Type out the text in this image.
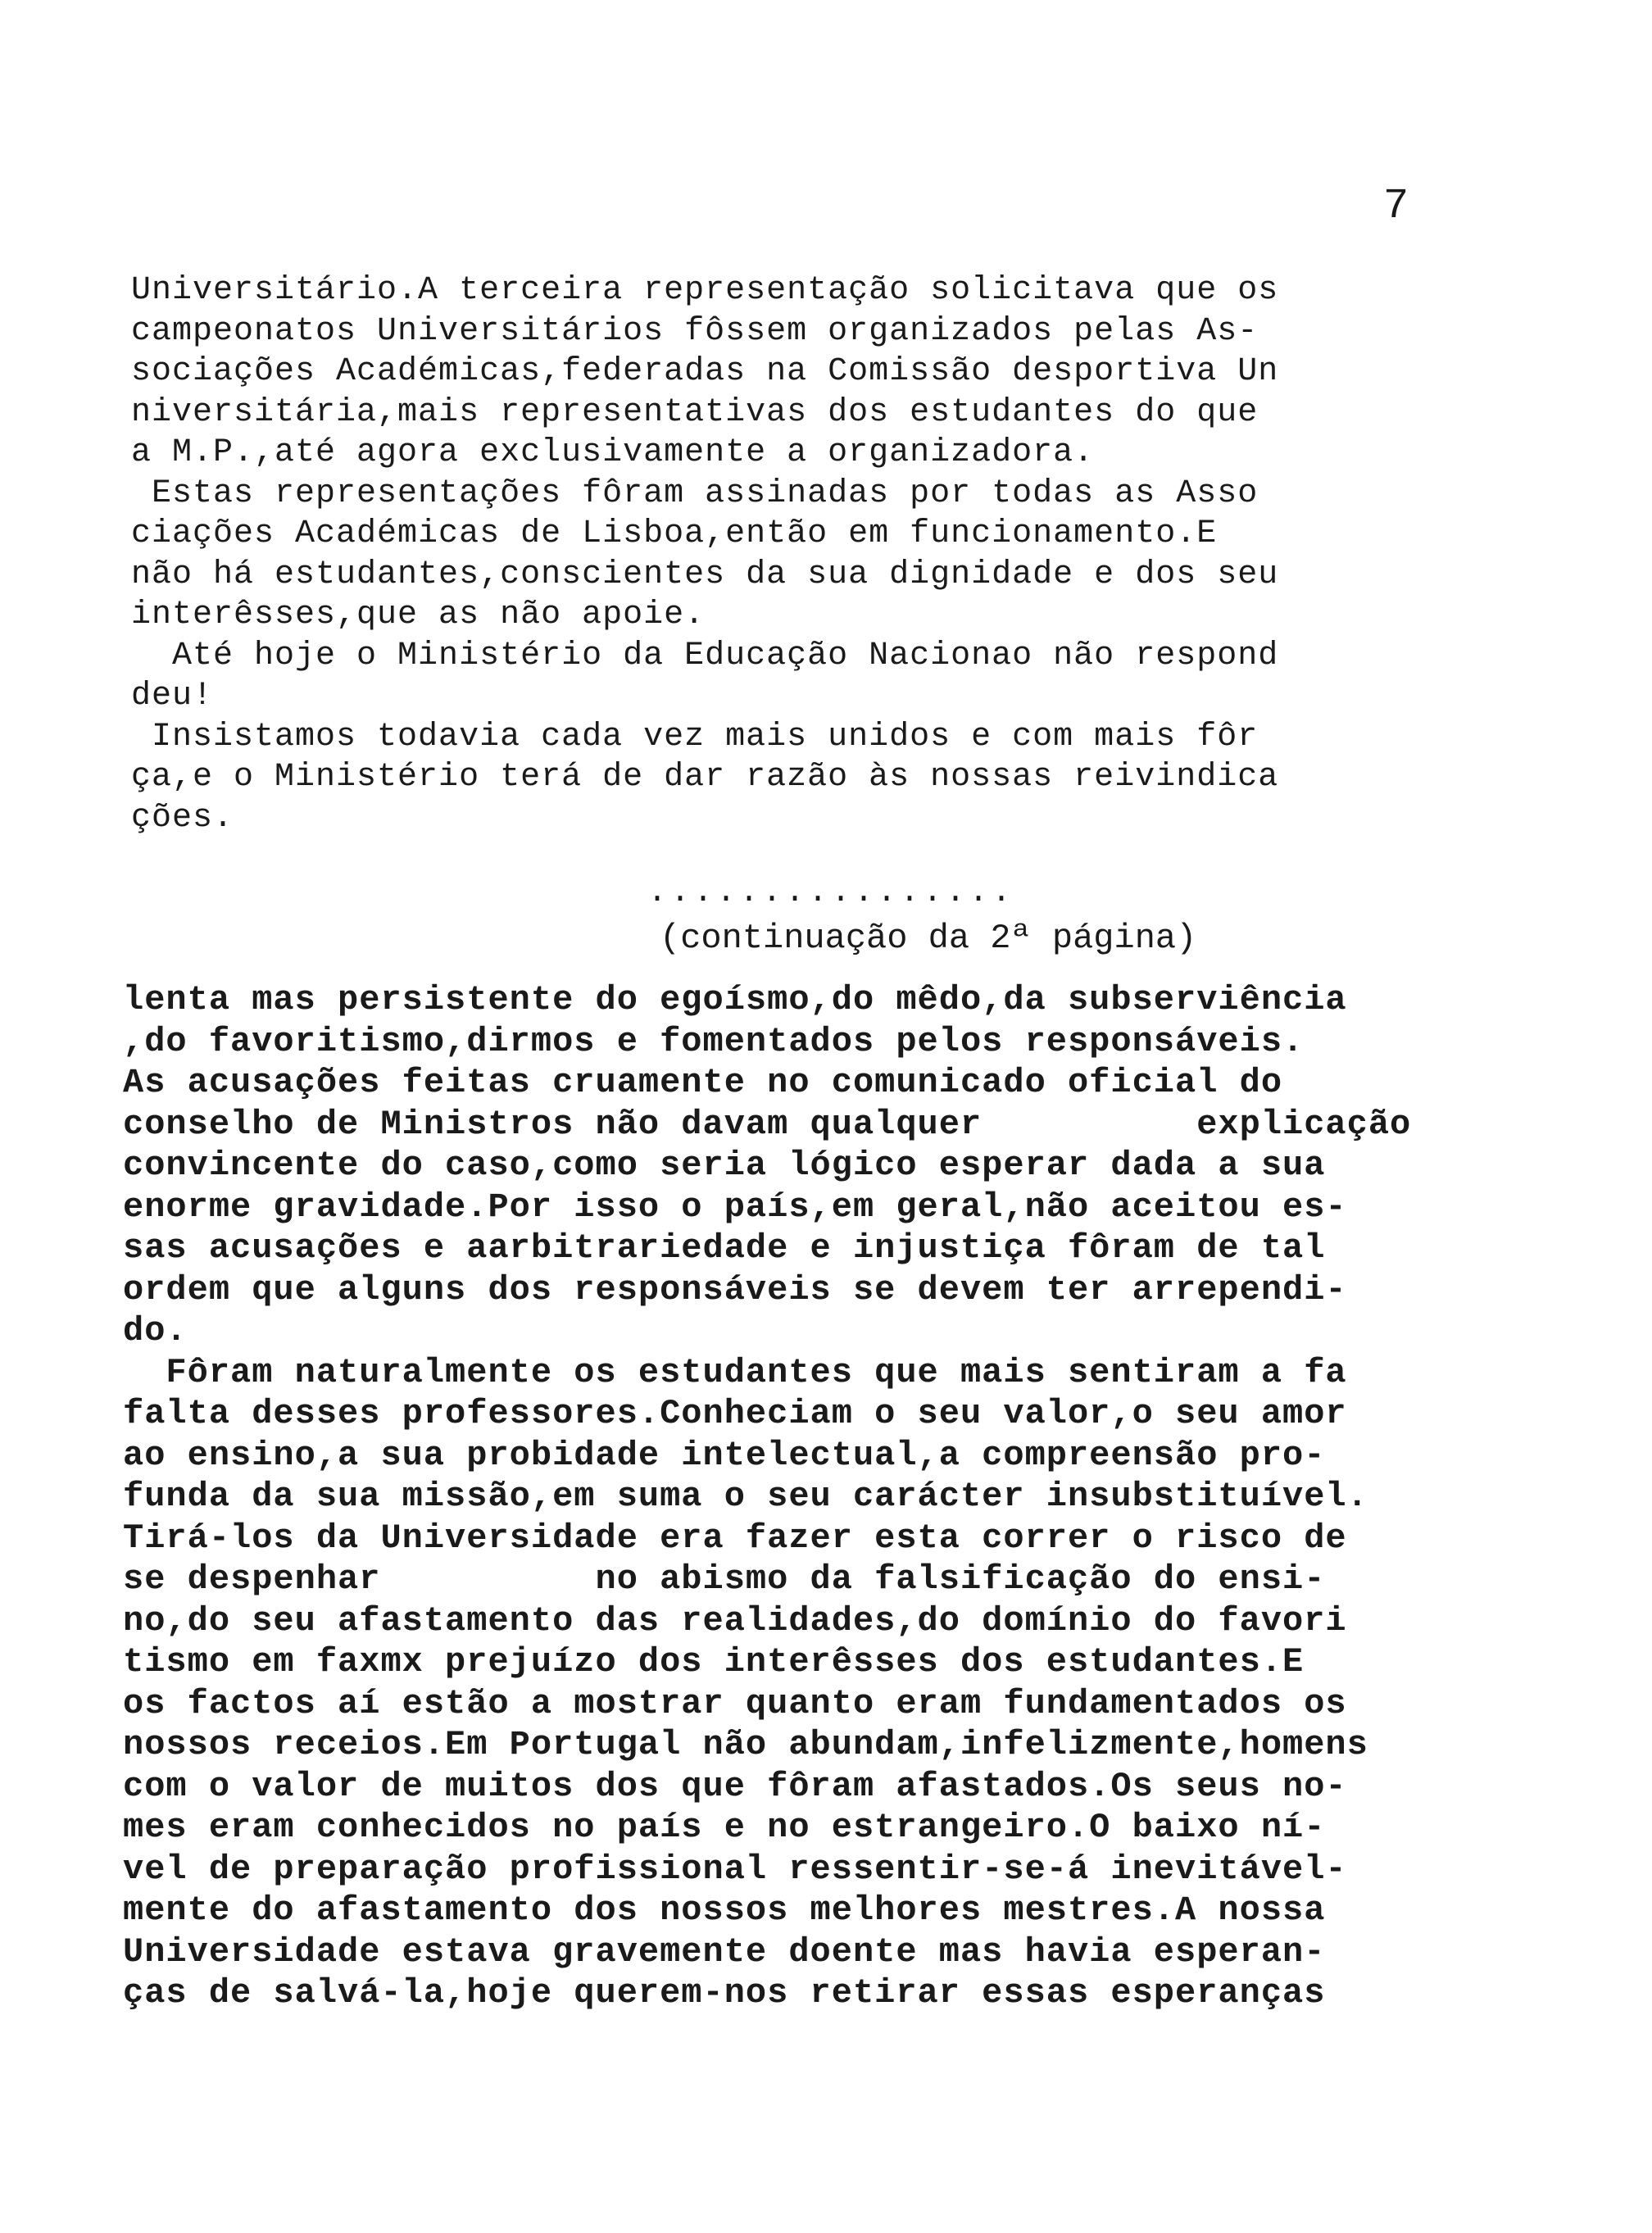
7
Universitário.A terceira representação solicitava que os
campeonatos Universitários fôssem organizados pelas As-
sociações Académicas,federadas na Comissão desportiva Un
niversitária,mais representativas dos estudantes do que
a M.P.,até agora exclusivamente a organizadora.
Estas representações fôram assinadas por todas as Asso
ciações Académicas de Lisboa,então em funcionamento.E
não há estudantes,conscientes da sua dignidade e dos seu
interêsses,que as não apoie.
Até hoje o Ministério da Educação Nacionao não respond
deu!
Insistamos todavia cada vez mais unidos e com mais fôr
ça,e o Ministério terá de dar razão às nossas reivindica
ções.
................
(continuação da 2ª página)
lenta mas persistente do egoísmo,do mêdo,da subserviência
,do favoritismo,dirmos e fomentados pelos responsáveis.
As acusações feitas cruamente no comunicado oficial do
conselho de Ministros não davam qualquer          explicação
convincente do caso,como seria lógico esperar dada a sua
enorme gravidade.Por isso o país,em geral,não aceitou es-
sas acusações e aarbitrariedade e injustiça fôram de tal
ordem que alguns dos responsáveis se devem ter arrependi-
do.
Fôram naturalmente os estudantes que mais sentiram a fa
falta desses professores.Conheciam o seu valor,o seu amor
ao ensino,a sua probidade intelectual,a compreensão pro-
funda da sua missão,em suma o seu carácter insubstituível.
Tirá-los da Universidade era fazer esta correr o risco de
se despenhar          no abismo da falsificação do ensi-
no,do seu afastamento das realidades,do domínio do favori
tismo em faxmx prejuízo dos interêsses dos estudantes.E
os factos aí estão a mostrar quanto eram fundamentados os
nossos receios.Em Portugal não abundam,infelizmente,homens
com o valor de muitos dos que fôram afastados.Os seus no-
mes eram conhecidos no país e no estrangeiro.O baixo ní-
vel de preparação profissional ressentir-se-á inevitável-
mente do afastamento dos nossos melhores mestres.A nossa
Universidade estava gravemente doente mas havia esperan-
ças de salvá-la,hoje querem-nos retirar essas esperanças
